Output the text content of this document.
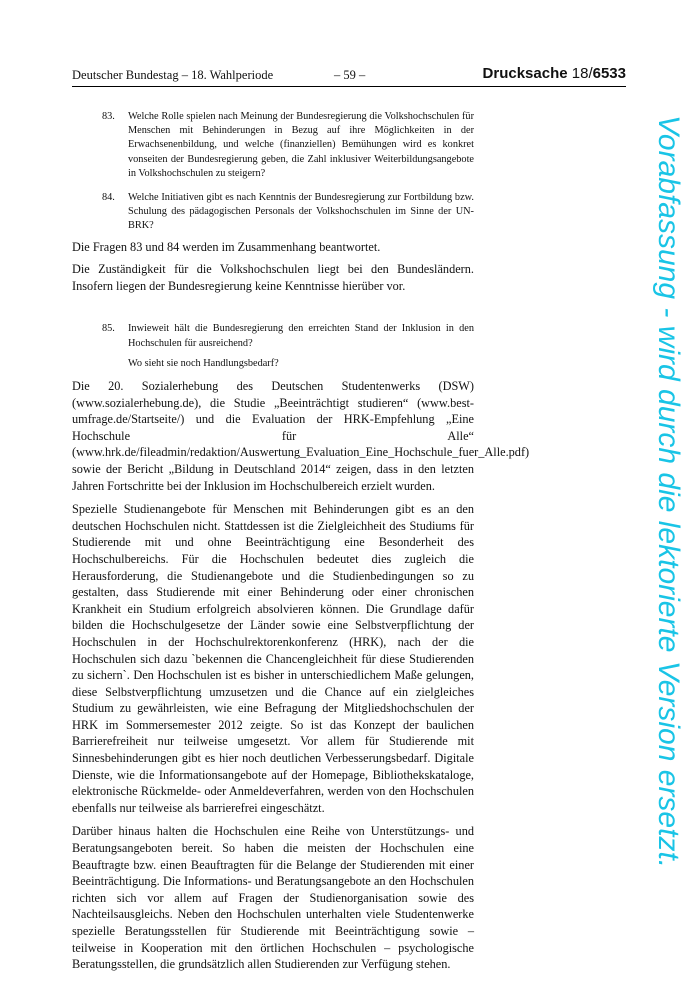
Deutscher Bundestag – 18. Wahlperiode	– 59 –	Drucksache 18/6533
83. Welche Rolle spielen nach Meinung der Bundesregierung die Volkshochschulen für Menschen mit Behinderungen in Bezug auf ihre Möglichkeiten in der Erwachsenenbildung, und welche (finanziellen) Bemühungen wird es konkret vonseiten der Bundesregierung geben, die Zahl inklusiver Weiterbildungsangebote in Volkshochschulen zu steigern?
84. Welche Initiativen gibt es nach Kenntnis der Bundesregierung zur Fortbildung bzw. Schulung des pädagogischen Personals der Volkshochschulen im Sinne der UN-BRK?

Die Fragen 83 und 84 werden im Zusammenhang beantwortet.

Die Zuständigkeit für die Volkshochschulen liegt bei den Bundesländern. Insofern liegen der Bundesregierung keine Kenntnisse hierüber vor.

85. Inwieweit hält die Bundesregierung den erreichten Stand der Inklusion in den Hochschulen für ausreichend?
Wo sieht sie noch Handlungsbedarf?

Die 20. Sozialerhebung des Deutschen Studentenwerks (DSW) (www.sozialerhebung.de), die Studie „Beeinträchtigt studieren“ (www.best-umfrage.de/Startseite/) und die Evaluation der HRK-Empfehlung „Eine Hochschule für Alle“ (www.hrk.de/fileadmin/redaktion/Auswertung_Evaluation_Eine_Hochschule_fuer_Alle.pdf) sowie der Bericht „Bildung in Deutschland 2014“ zeigen, dass in den letzten Jahren Fortschritte bei der Inklusion im Hochschulbereich erzielt wurden.

Spezielle Studienangebote für Menschen mit Behinderungen gibt es an den deutschen Hochschulen nicht. Stattdessen ist die Zielgleichheit des Studiums für Studierende mit und ohne Beeinträchtigung eine Besonderheit des Hochschulbereichs. Für die Hochschulen bedeutet dies zugleich die Herausforderung, die Studienangebote und die Studienbedingungen so zu gestalten, dass Studierende mit einer Behinderung oder einer chronischen Krankheit ein Studium erfolgreich absolvieren können. Die Grundlage dafür bilden die Hochschulgesetze der Länder sowie eine Selbstverpflichtung der Hochschulen in der Hochschulrektorenkonferenz (HRK), nach der die Hochschulen sich dazu `bekennen die Chancengleichheit für diese Studierenden zu sichern`. Den Hochschulen ist es bisher in unterschiedlichem Maße gelungen, diese Selbstverpflichtung umzusetzen und die Chance auf ein zielgleiches Studium zu gewährleisten, wie eine Befragung der Mitgliedshochschulen der HRK im Sommersemester 2012 zeigte. So ist das Konzept der baulichen Barrierefreiheit nur teilweise umgesetzt. Vor allem für Studierende mit Sinnesbehinderungen gibt es hier noch deutlichen Verbesserungsbedarf. Digitale Dienste, wie die Informationsangebote auf der Homepage, Bibliothekskataloge, elektronische Rückmelde- oder Anmeldeverfahren, werden von den Hochschulen ebenfalls nur teilweise als barrierefrei eingeschätzt.

Darüber hinaus halten die Hochschulen eine Reihe von Unterstützungs- und Beratungsangeboten bereit. So haben die meisten der Hochschulen eine Beauftragte bzw. einen Beauftragten für die Belange der Studierenden mit einer Beeinträchtigung. Die Informations- und Beratungsangebote an den Hochschulen richten sich vor allem auf Fragen der Studienorganisation sowie des Nachteilsausgleichs. Neben den Hochschulen unterhalten viele Studentenwerke spezielle Beratungsstellen für Studierende mit Beeinträchtigung sowie – teilweise in Kooperation mit den örtlichen Hochschulen – psychologische Beratungsstellen, die grundsätzlich allen Studierenden zur Verfügung stehen.

Vorabfassung - wird durch die lektorierte Version ersetzt.
